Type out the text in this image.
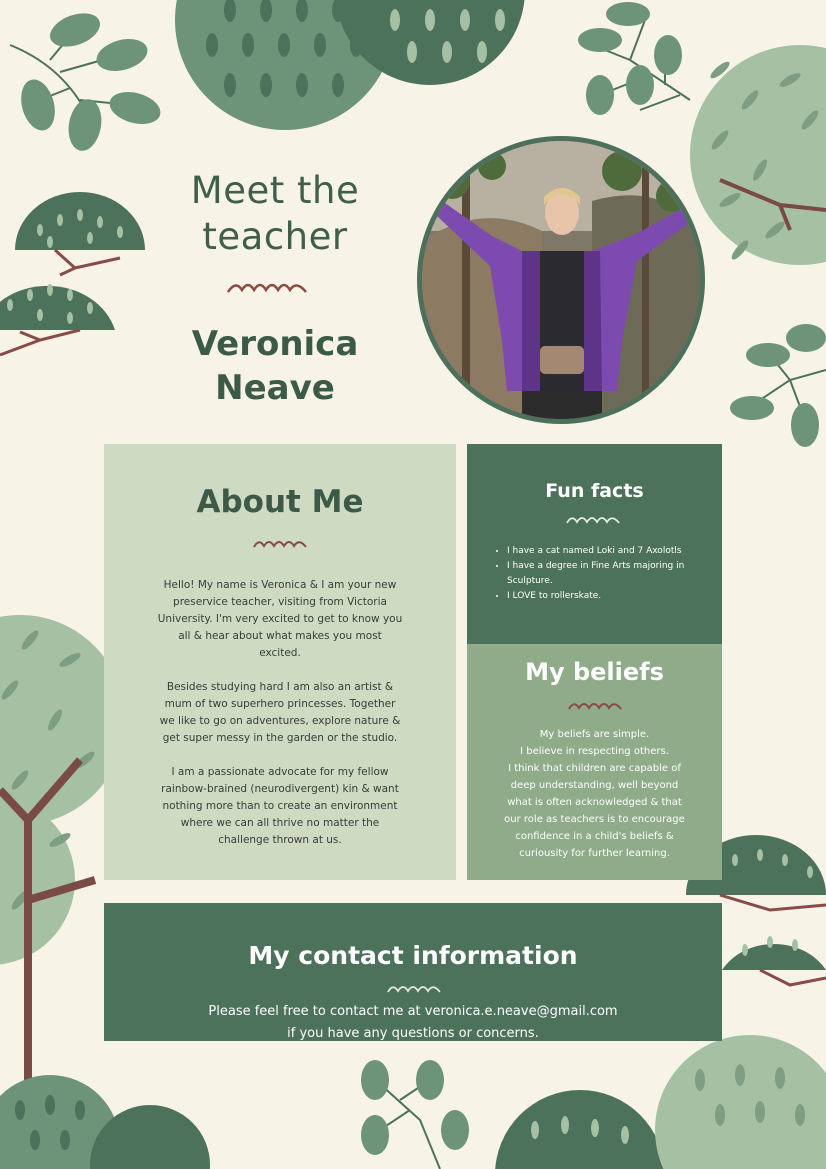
Meet the
teacher
Veronica
Neave
About Me

Hello! My name is Veronica & I am your new preservice teacher, visiting from Victoria University. I'm very excited to get to know you all & hear about what makes you most excited.

Besides studying hard I am also an artist & mum of two superhero princesses. Together we like to go on adventures, explore nature & get super messy in the garden or the studio.

I am a passionate advocate for my fellow rainbow-brained (neurodivergent) kin & want nothing more than to create an environment where we can all thrive no matter the challenge thrown at us.

Fun facts
• I have a cat named Loki and 7 Axolotls
• I have a degree in Fine Arts majoring in Sculpture.
• I LOVE to rollerskate.
My beliefs
My beliefs are simple.
I believe in respecting others.
I think that children are capable of
deep understanding, well beyond
what is often acknowledged & that
our role as teachers is to encourage
confidence in a child's beliefs &
curiousity for further learning.
My contact information
Please feel free to contact me at veronica.e.neave@gmail.com
if you have any questions or concerns.
